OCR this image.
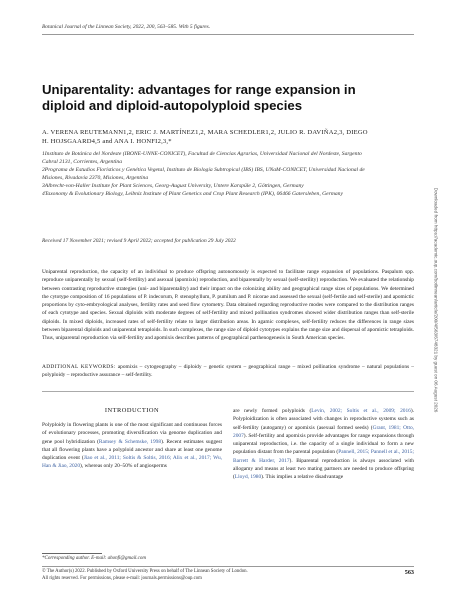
Botanical Journal of the Linnean Society, 2022, 200, 563–585. With 5 figures.
Uniparentality: advantages for range expansion in diploid and diploid-autopolyploid species
A. VERENA REUTEMANN1,2, ERIC J. MARTÍNEZ1,2, MARA SCHEDLER1,2, JULIO R. DAVIÑA2,3, DIEGO H. HOJSGAARD4,5 and ANA I. HONFI2,3,*

1Instituto de Botánica del Nordeste (IBONE-UNNE-CONICET), Facultad de Ciencias Agrarias, Universidad Nacional del Nordeste, Sargento Cabral 2131, Corrientes, Argentina

2Programa de Estudios Florísticos y Genética Vegetal, Instituto de Biología Subtropical (IBS) IBS, UNaM-CONICET, Universidad Nacional de Misiones, Rivadavia 2370, Misiones, Argentina

3Albrecht-von-Haller Institute for Plant Sciences, Georg-August University, Untere Karspüle 2, Göttingen, Germany

4Taxonomy & Evolutionary Biology, Leibniz Institute of Plant Genetics and Crop Plant Research (IPK), 06466 Gatersleben, Germany

Received 17 November 2021; revised 9 April 2022; accepted for publication 29 July 2022

Uniparental reproduction, the capacity of an individual to produce offspring autonomously is expected to facilitate range expansion of populations. Paspalum spp. reproduce uniparentally by sexual (self-fertility) and asexual (apomixis) reproduction, and biparentally by sexual (self-sterility) reproduction. We evaluated the relationship between contrasting reproductive strategies (uni- and biparentality) and their impact on the colonizing ability and geographical range sizes of populations. We determined the cytotype composition of 16 populations of P. indecorum, P. stenophyllum, P. pumilum and P. nicorae and assessed the sexual (self-fertile and self-sterile) and apomictic proportions by cyto-embryological analyses, fertility rates and seed flow cytometry. Data obtained regarding reproductive modes were compared to the distribution ranges of each cytotype and species. Sexual diploids with moderate degrees of self-fertility and mixed pollination syndromes showed wider distribution ranges than self-sterile diploids. In mixed diploids, increased rates of self-fertility relate to larger distribution areas. In agamic complexes, self-fertility reduces the differences in range sizes between biparental diploids and uniparental tetraploids. In such complexes, the range size of diploid cytotypes explains the range size and dispersal of apomictic tetraploids. Thus, uniparental reproduction via self-fertility and apomixis describes patterns of geographical parthenogenesis in South American species.

ADDITIONAL KEYWORDS: apomixis – cytogeography – diploidy – genetic system – geographical range – mixed pollination syndrome – natural populations – polyploidy – reproductive assurance – self-fertility.

INTRODUCTION

Polyploidy in flowering plants is one of the most significant and continuous forces of evolutionary processes, promoting diversification via genome duplication and gene pool hybridization (Ramsey & Schemske, 1998). Recent estimates suggest that all flowering plants have a polyploid ancestor and share at least one genome duplication event (Jiao et al., 2011; Soltis & Soltis, 2016; Alix et al., 2017; Wu, Han & Jiao, 2020), whereas only 20–50% of angiosperms

are newly formed polyploids (Levin, 2002; Soltis et al., 2009; 2016). Polyploidization is often associated with changes in reproductive systems such as self-fertility (autogamy) or apomixis (asexual formed seeds) (Grant, 1981; Otto, 2007). Self-fertility and apomixis provide advantages for range expansions through uniparental reproduction, i.e. the capacity of a single individual to form a new population distant from the parental population (Pannell, 2015; Pannell et al., 2015; Barrett & Harder, 2017). Biparental reproduction is always associated with allogamy and means at least two mating partners are needed to produce offspring (Lloyd, 1980). This implies a relative disadvantage

*Corresponding author. E-mail: ahonfi@gmail.com

© The Author(s) 2022. Published by Oxford University Press on behalf of The Linnean Society of London.

All rights reserved. For permissions, please e-mail: journals.permissions@oup.com

563
Downloaded from https://academic.oup.com/botlinnean/article/200/4/563/6748321 by guest on 06 August 2026
